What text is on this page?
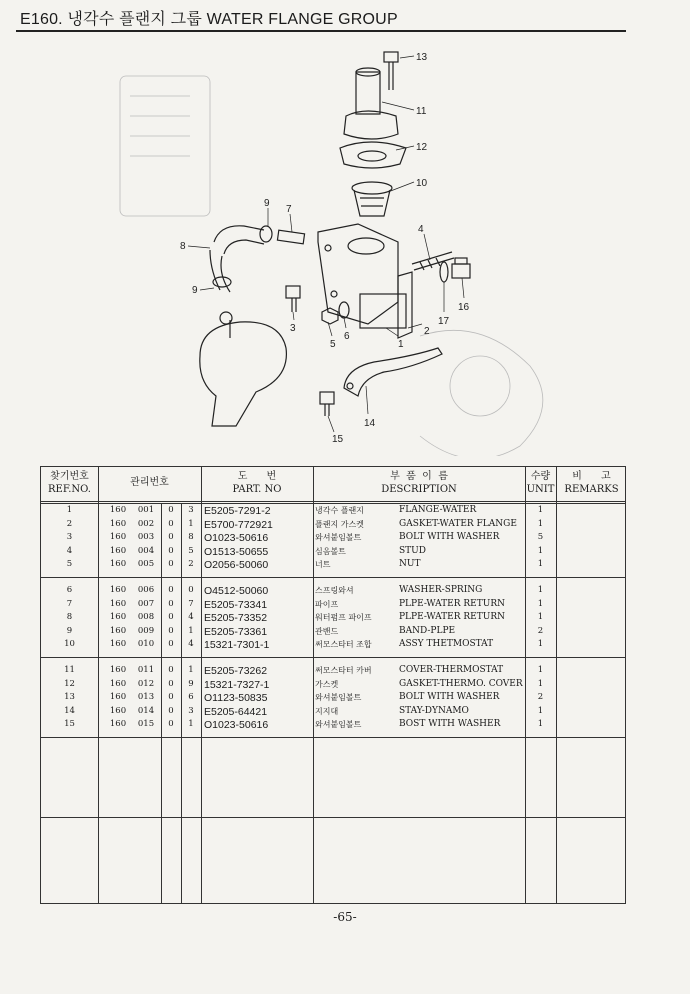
E160. 냉각수 플랜지 그룹 WATER FLANGE GROUP
13
11
12
10
9
7
8
4
9
16
17
3
5
6
1
2
14
15
찾기번호
REF.NO.
관리번호
도      번
PART. NO
부  품  이  름
DESCRIPTION
수량
UNIT
비      고
REMARKS
1	160	001	0	3 E5205-7291-2	냉각수 플랜지	FLANGE-WATER	1
2	160	002	0	1 E5700-772921	플랜지 가스켓	GASKET-WATER FLANGE	1
3	160	003	0	8 O1023-50616	와셔붙임볼트	BOLT WITH WASHER	5
4	160	004	0	5 O1513-50655	심음볼트	STUD	1
5	160	005	0	2 O2056-50060	너트	NUT	1
6	160	006	0	0 O4512-50060	스프링와셔	WASHER-SPRING	1
7	160	007	0	7 E5205-73341	파이프	PLPE-WATER RETURN	1
8	160	008	0	4 E5205-73352	워터펌프 파이프	PLPE-WATER RETURN	1
9	160	009	0	1 E5205-73361	관밴드	BAND-PLPE	2
10	160	010	0	4 15321-7301-1	써모스타터 조합	ASSY THETMOSTAT	1
11	160	011	0	1 E5205-73262	써모스타터 카버	COVER-THERMOSTAT	1
12	160	012	0	9 15321-7327-1	가스켓	GASKET-THERMO. COVER	1
13	160	013	0	6 O1123-50835	와셔붙임볼트	BOLT WITH WASHER	2
14	160	014	0	3 E5205-64421	지지대	STAY-DYNAMO	1
15	160	015	0	1 O1023-50616	와셔붙임볼트	BOST WITH WASHER	1
-65-
